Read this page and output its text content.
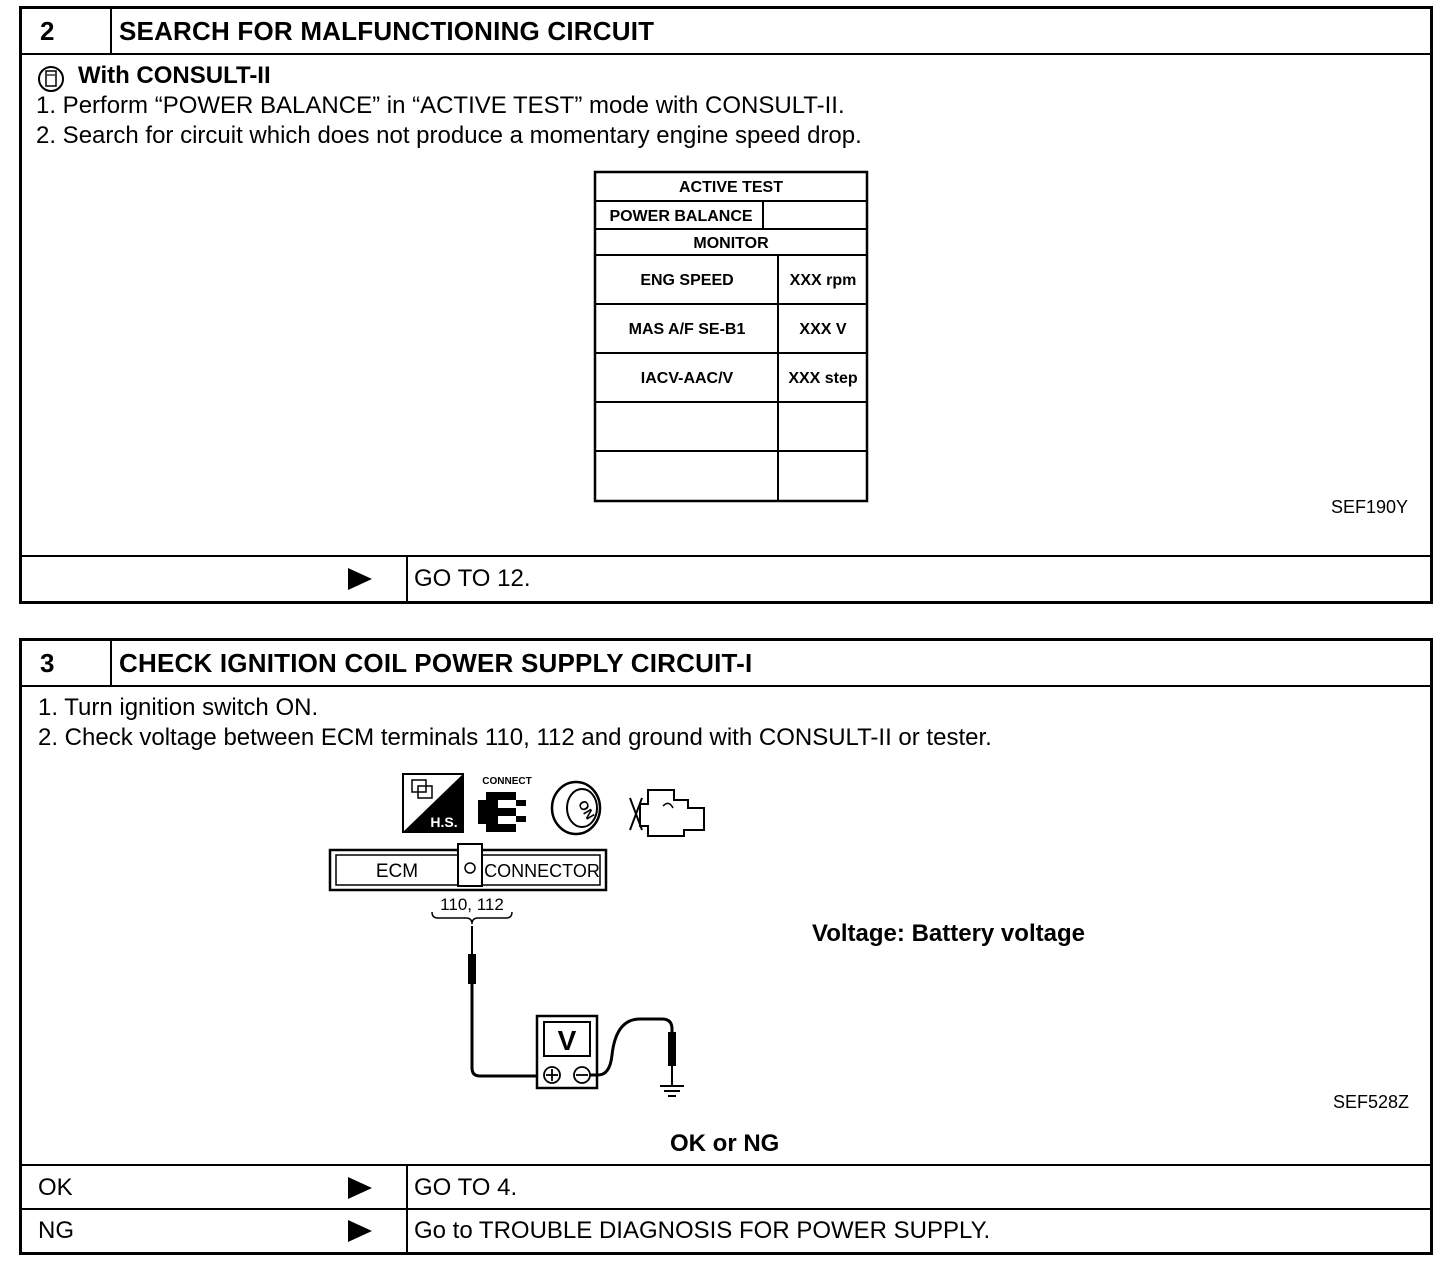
2 SEARCH FOR MALFUNCTIONING CIRCUIT
With CONSULT-II
1. Perform “POWER BALANCE” in “ACTIVE TEST” mode with CONSULT-II.
2. Search for circuit which does not produce a momentary engine speed drop.
ACTIVE TEST
POWER BALANCE
MONITOR
ENG SPEED	XXX rpm
MAS A/F SE-B1	XXX V
IACV-AAC/V	XXX step
SEF190Y
GO TO 12.
3 CHECK IGNITION COIL POWER SUPPLY CIRCUIT-I
1. Turn ignition switch ON.
2. Check voltage between ECM terminals 110, 112 and ground with CONSULT-II or tester.
H.S.
CONNECT
ON
ECM	CONNECTOR
110, 112
V
Voltage: Battery voltage
SEF528Z
OK or NG
OK	GO TO 4.
NG	Go to TROUBLE DIAGNOSIS FOR POWER SUPPLY.
